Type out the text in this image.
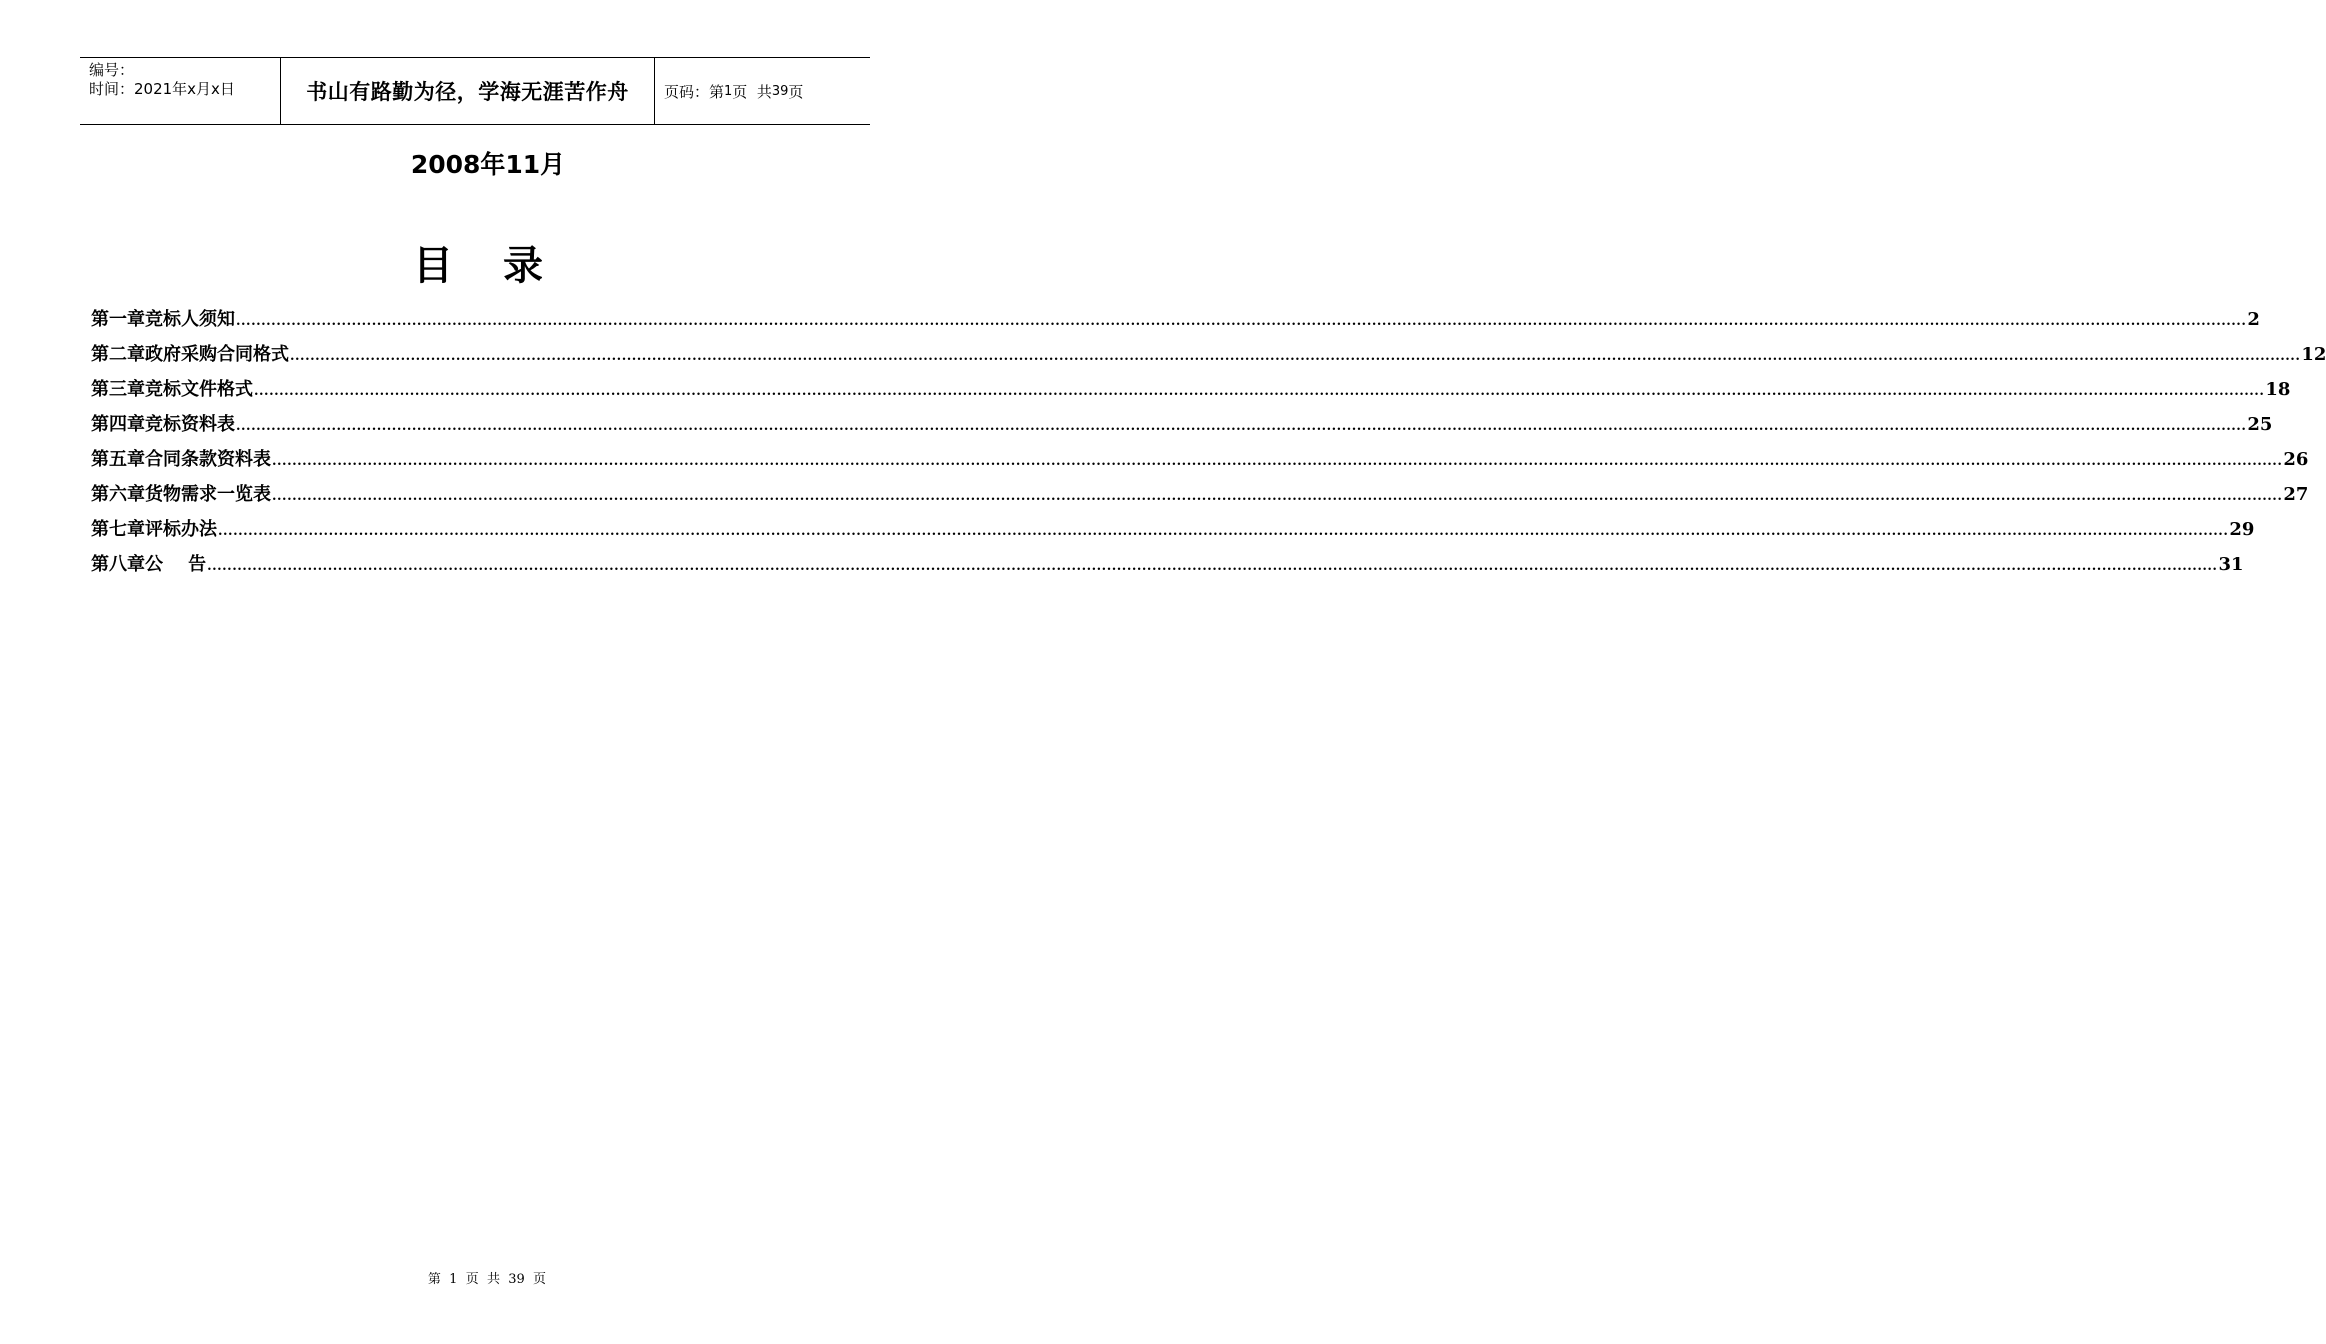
编号：
时间：2021年x月x日	书山有路勤为径，学海无涯苦作舟	页码：第 1 页  共 39 页
2008年11月
目录
第一章 竞标人须知 ................................................................................................................................................................................................................................................................................................................................................................................................................ 2
第二章 政府采购合同格式 ................................................................................................................................................................................................................................................................................................................................................................................................................ 12
第三章 竞标文件格式 ................................................................................................................................................................................................................................................................................................................................................................................................................ 18
第四章 竞标资料表 ................................................................................................................................................................................................................................................................................................................................................................................................................ 25
第五章 合同条款资料表 ................................................................................................................................................................................................................................................................................................................................................................................................................ 26
第六章 货物需求一览表 ................................................................................................................................................................................................................................................................................................................................................................................................................ 27
第七章 评标办法 ................................................................................................................................................................................................................................................................................................................................................................................................................ 29
第八章 公    告 ................................................................................................................................................................................................................................................................................................................................................................................................................ 31
第  1  页  共  39  页
